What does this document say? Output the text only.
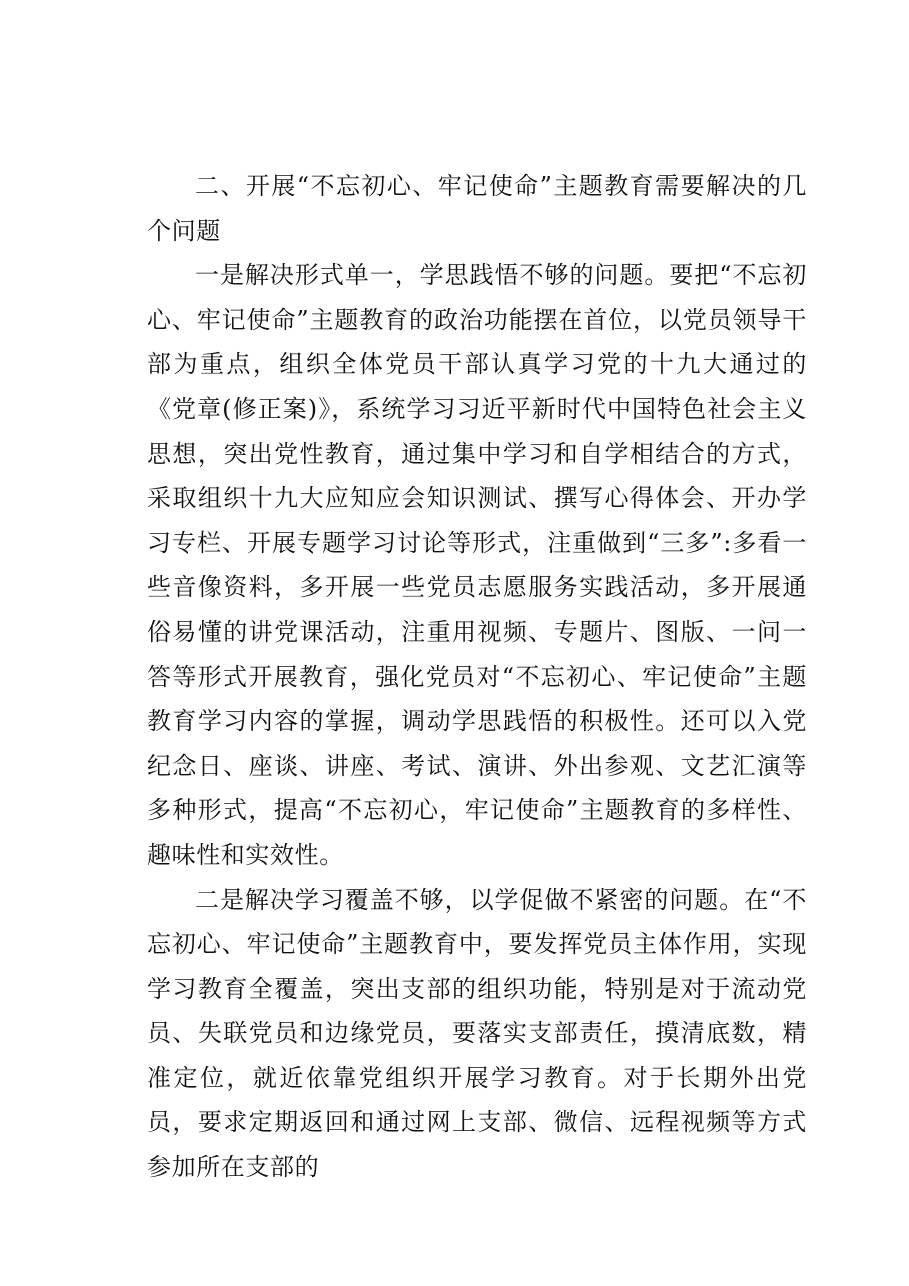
二、开展“不忘初心、牢记使命”主题教育需要解决的几个问题

一是解决形式单一，学思践悟不够的问题。要把“不忘初心、牢记使命”主题教育的政治功能摆在首位，以党员领导干部为重点，组织全体党员干部认真学习党的十九大通过的《党章(修正案)》，系统学习习近平新时代中国特色社会主义思想，突出党性教育，通过集中学习和自学相结合的方式，采取组织十九大应知应会知识测试、撰写心得体会、开办学习专栏、开展专题学习讨论等形式，注重做到“三多”:多看一些音像资料，多开展一些党员志愿服务实践活动，多开展通俗易懂的讲党课活动，注重用视频、专题片、图版、一问一答等形式开展教育，强化党员对“不忘初心、牢记使命”主题教育学习内容的掌握，调动学思践悟的积极性。还可以入党纪念日、座谈、讲座、考试、演讲、外出参观、文艺汇演等多种形式，提高“不忘初心，牢记使命”主题教育的多样性、趣味性和实效性。

二是解决学习覆盖不够，以学促做不紧密的问题。在“不忘初心、牢记使命”主题教育中，要发挥党员主体作用，实现学习教育全覆盖，突出支部的组织功能，特别是对于流动党员、失联党员和边缘党员，要落实支部责任，摸清底数，精准定位，就近依靠党组织开展学习教育。对于长期外出党员，要求定期返回和通过网上支部、微信、远程视频等方式参加所在支部的
